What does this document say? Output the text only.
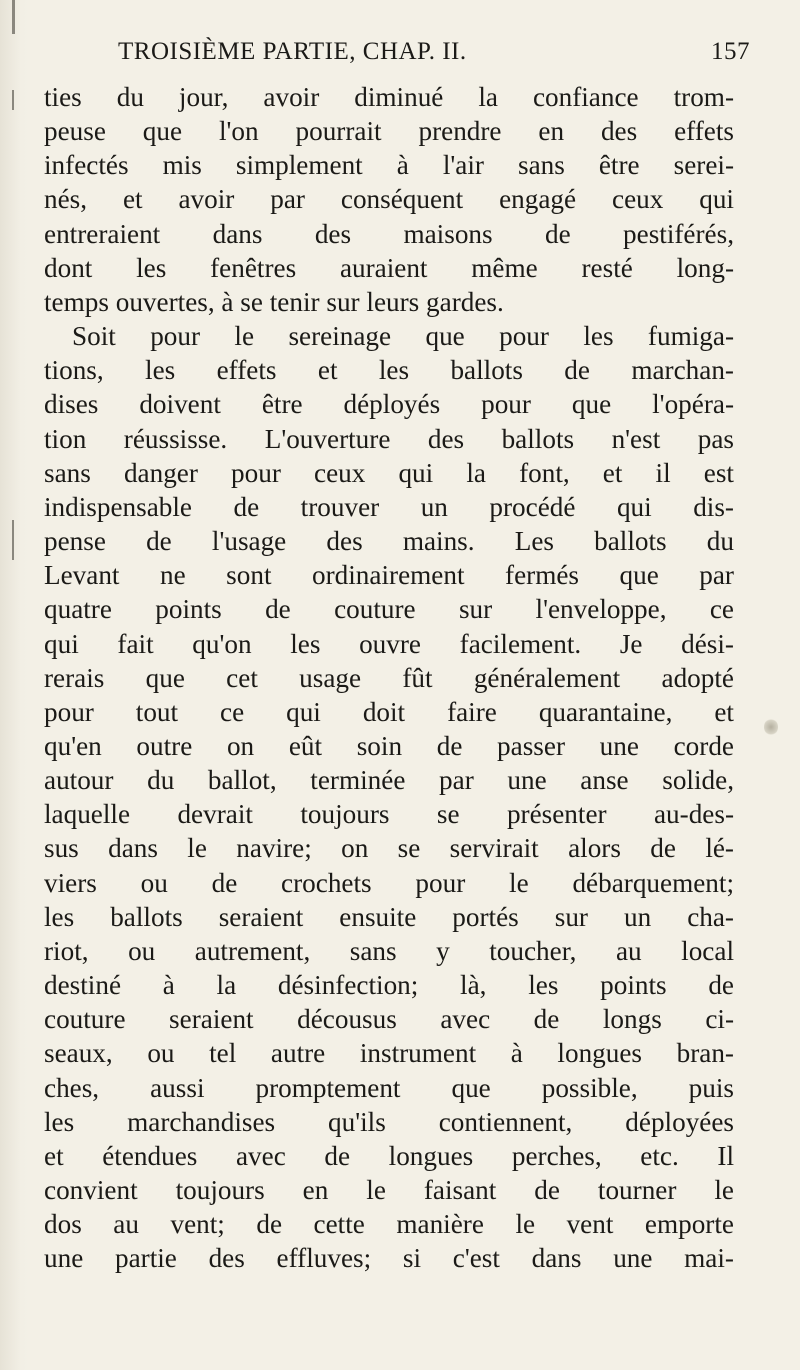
TROISIÈME PARTIE, CHAP. II.	157
ties du jour, avoir diminué la confiance trom-
peuse que l'on pourrait prendre en des effets
infectés mis simplement à l'air sans être serei-
nés, et avoir par conséquent engagé ceux qui
entreraient dans des maisons de pestiférés,
dont les fenêtres auraient même resté long-
temps ouvertes, à se tenir sur leurs gardes.
Soit pour le sereinage que pour les fumiga-
tions, les effets et les ballots de marchan-
dises doivent être déployés pour que l'opéra-
tion réussisse. L'ouverture des ballots n'est pas
sans danger pour ceux qui la font, et il est
indispensable de trouver un procédé qui dis-
pense de l'usage des mains. Les ballots du
Levant ne sont ordinairement fermés que par
quatre points de couture sur l'enveloppe, ce
qui fait qu'on les ouvre facilement. Je dési-
rerais que cet usage fût généralement adopté
pour tout ce qui doit faire quarantaine, et
qu'en outre on eût soin de passer une corde
autour du ballot, terminée par une anse solide,
laquelle devrait toujours se présenter au-des-
sus dans le navire; on se servirait alors de lé-
viers ou de crochets pour le débarquement;
les ballots seraient ensuite portés sur un cha-
riot, ou autrement, sans y toucher, au local
destiné à la désinfection; là, les points de
couture seraient décousus avec de longs ci-
seaux, ou tel autre instrument à longues bran-
ches, aussi promptement que possible, puis
les marchandises qu'ils contiennent, déployées
et étendues avec de longues perches, etc. Il
convient toujours en le faisant de tourner le
dos au vent; de cette manière le vent emporte
une partie des effluves; si c'est dans une mai-
